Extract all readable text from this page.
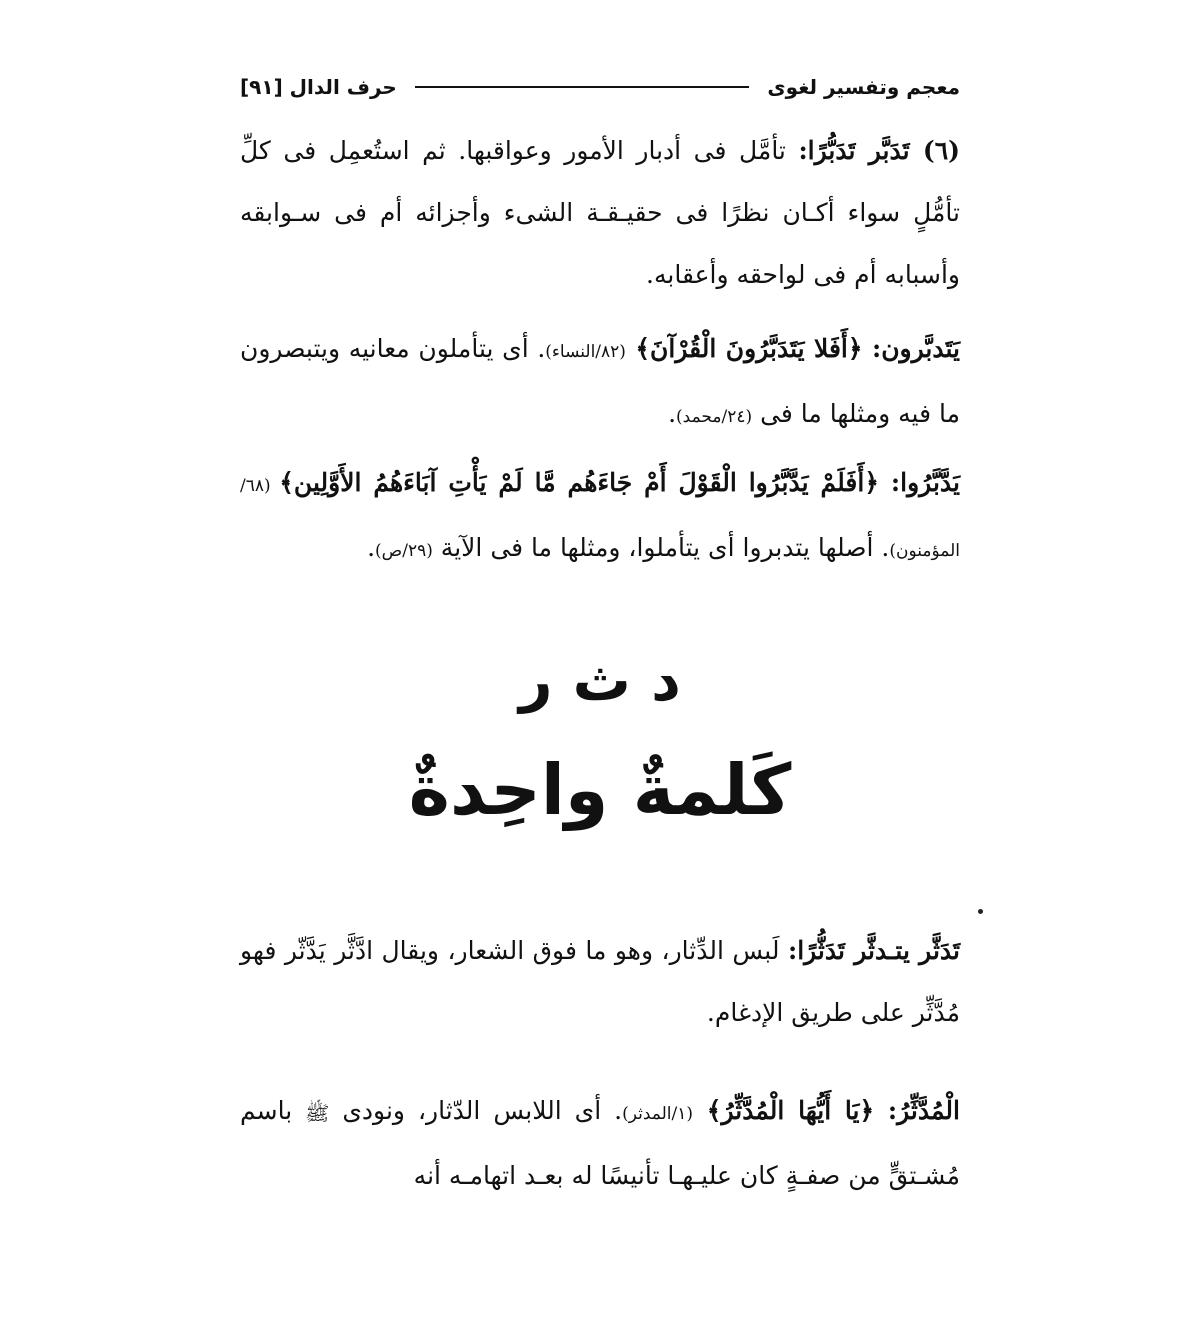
معجم وتفسير لغوى
حرف الدال [٩١]
(٦) تَدَبَّر تَدَبُّرًا: تأمَّل فى أدبار الأمور وعواقبها. ثم استُعمِل فى كلِّ تأمُّلٍ سواء أكـان نظرًا فى حقيـقـة الشىء وأجزائه أم فى سـوابقه وأسبابه أم فى لواحقه وأعقابه.
يَتَدبَّرون: ﴿أَفَلا يَتَدَبَّرُونَ الْقُرْآنَ﴾ (٨٢/النساء). أى يتأملون معانيه ويتبصرون ما فيه ومثلها ما فى (٢٤/محمد).
يَدَّبَّرُوا: ﴿أَفَلَمْ يَدَّبَّرُوا الْقَوْلَ أَمْ جَاءَهُم مَّا لَمْ يَأْتِ آبَاءَهُمُ الأَوَّلِين﴾ (٦٨/المؤمنون). أصلها يتدبروا أى يتأملوا، ومثلها ما فى الآية (٢٩/ص).
د ث ر
كَلمةٌ واحِدةٌ
تَدَثَّر يتـدثَّر تَدَثُّرًا: لَبس الدِّثار، وهو ما فوق الشعار، ويقال ادَّثَّر يَدَّثّر فهو مُدَّثِّر على طريق الإدغام.
الْمُدَّثِّرُ: ﴿يَا أَيُّهَا الْمُدَّثِّرُ﴾ (١/المدثر). أى اللابس الدّثار، ونودى ﷺ باسم مُشـتقٍّ من صفـةٍ كان عليـهـا تأنيسًا له بعـد اتهامـه أنه
